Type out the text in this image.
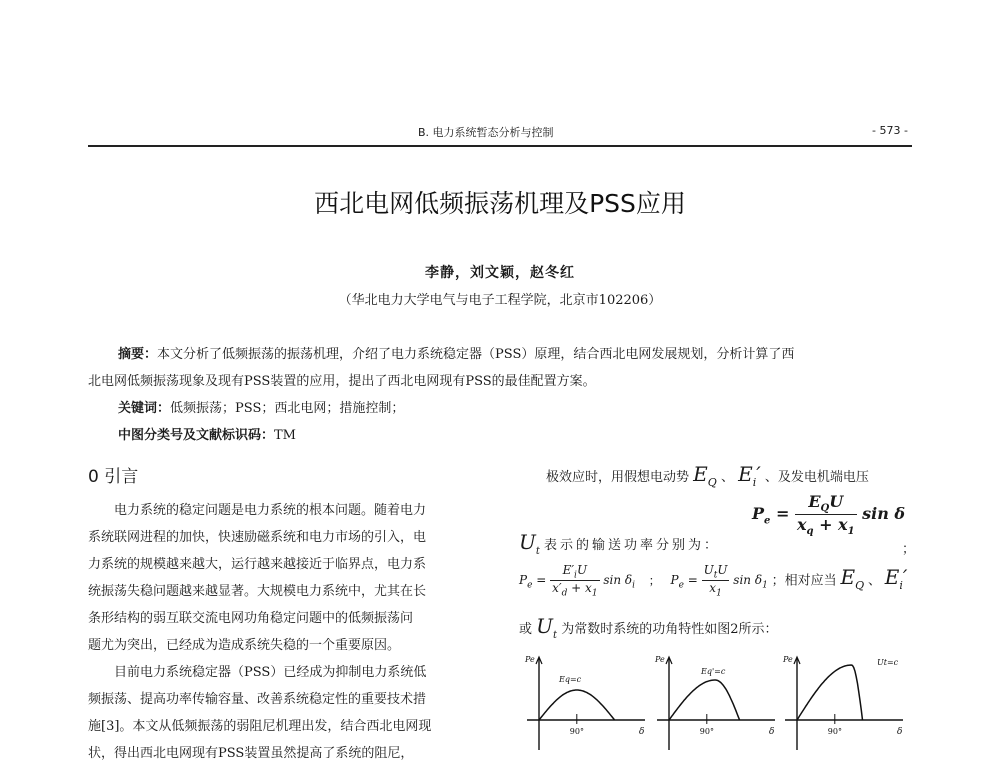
B. 电力系统暂态分析与控制	- 573 -
西北电网低频振荡机理及PSS应用
李静，刘文颖，赵冬红
（华北电力大学电气与电子工程学院，北京市102206）
摘要：本文分析了低频振荡的振荡机理，介绍了电力系统稳定器（PSS）原理，结合西北电网发展规划，分析计算了西
北电网低频振荡现象及现有PSS装置的应用，提出了西北电网现有PSS的最佳配置方案。
关键词：低频振荡；PSS；西北电网；措施控制；
中图分类号及文献标识码：TM
0 引言

电力系统的稳定问题是电力系统的根本问题。随着电力
系统联网进程的加快，快速励磁系统和电力市场的引入，电
力系统的规模越来越大，运行越来越接近于临界点，电力系
统振荡失稳问题越来越显著。大规模电力系统中，尤其在长
条形结构的弱互联交流电网功角稳定问题中的低频振荡问
题尤为突出，已经成为造成系统失稳的一个重要原因。

目前电力系统稳定器（PSS）已经成为抑制电力系统低
频振荡、提高功率传输容量、改善系统稳定性的重要技术措
施[3]。本文从低频振荡的弱阻尼机理出发，结合西北电网现
状，得出西北电网现有PSS装置虽然提高了系统的阻尼，

极效应时，用假想电动势 $E_Q$ 、 $E_i'$ 、及发电机端电压
$P_e = \frac{E_QU}{x_q + x_1}$ sin δ
$U_t$ 表示的输送功率分别为：	；
$P_e = \frac{E'_iU}{x'_d + x_1}$ $\sin \delta_i$ ； $P_e = \frac{U_tU}{x_1}$ $\sin \delta_1$ ；相对应当 $E_Q$ 、 $E_i'$
或 $U_t$ 为常数时系统的功角特性如图2所示：
Pe
δ
90°
Eq=c
Pe
δ
90°
Eq'=c
Pe
δ
90°
Ut=c
